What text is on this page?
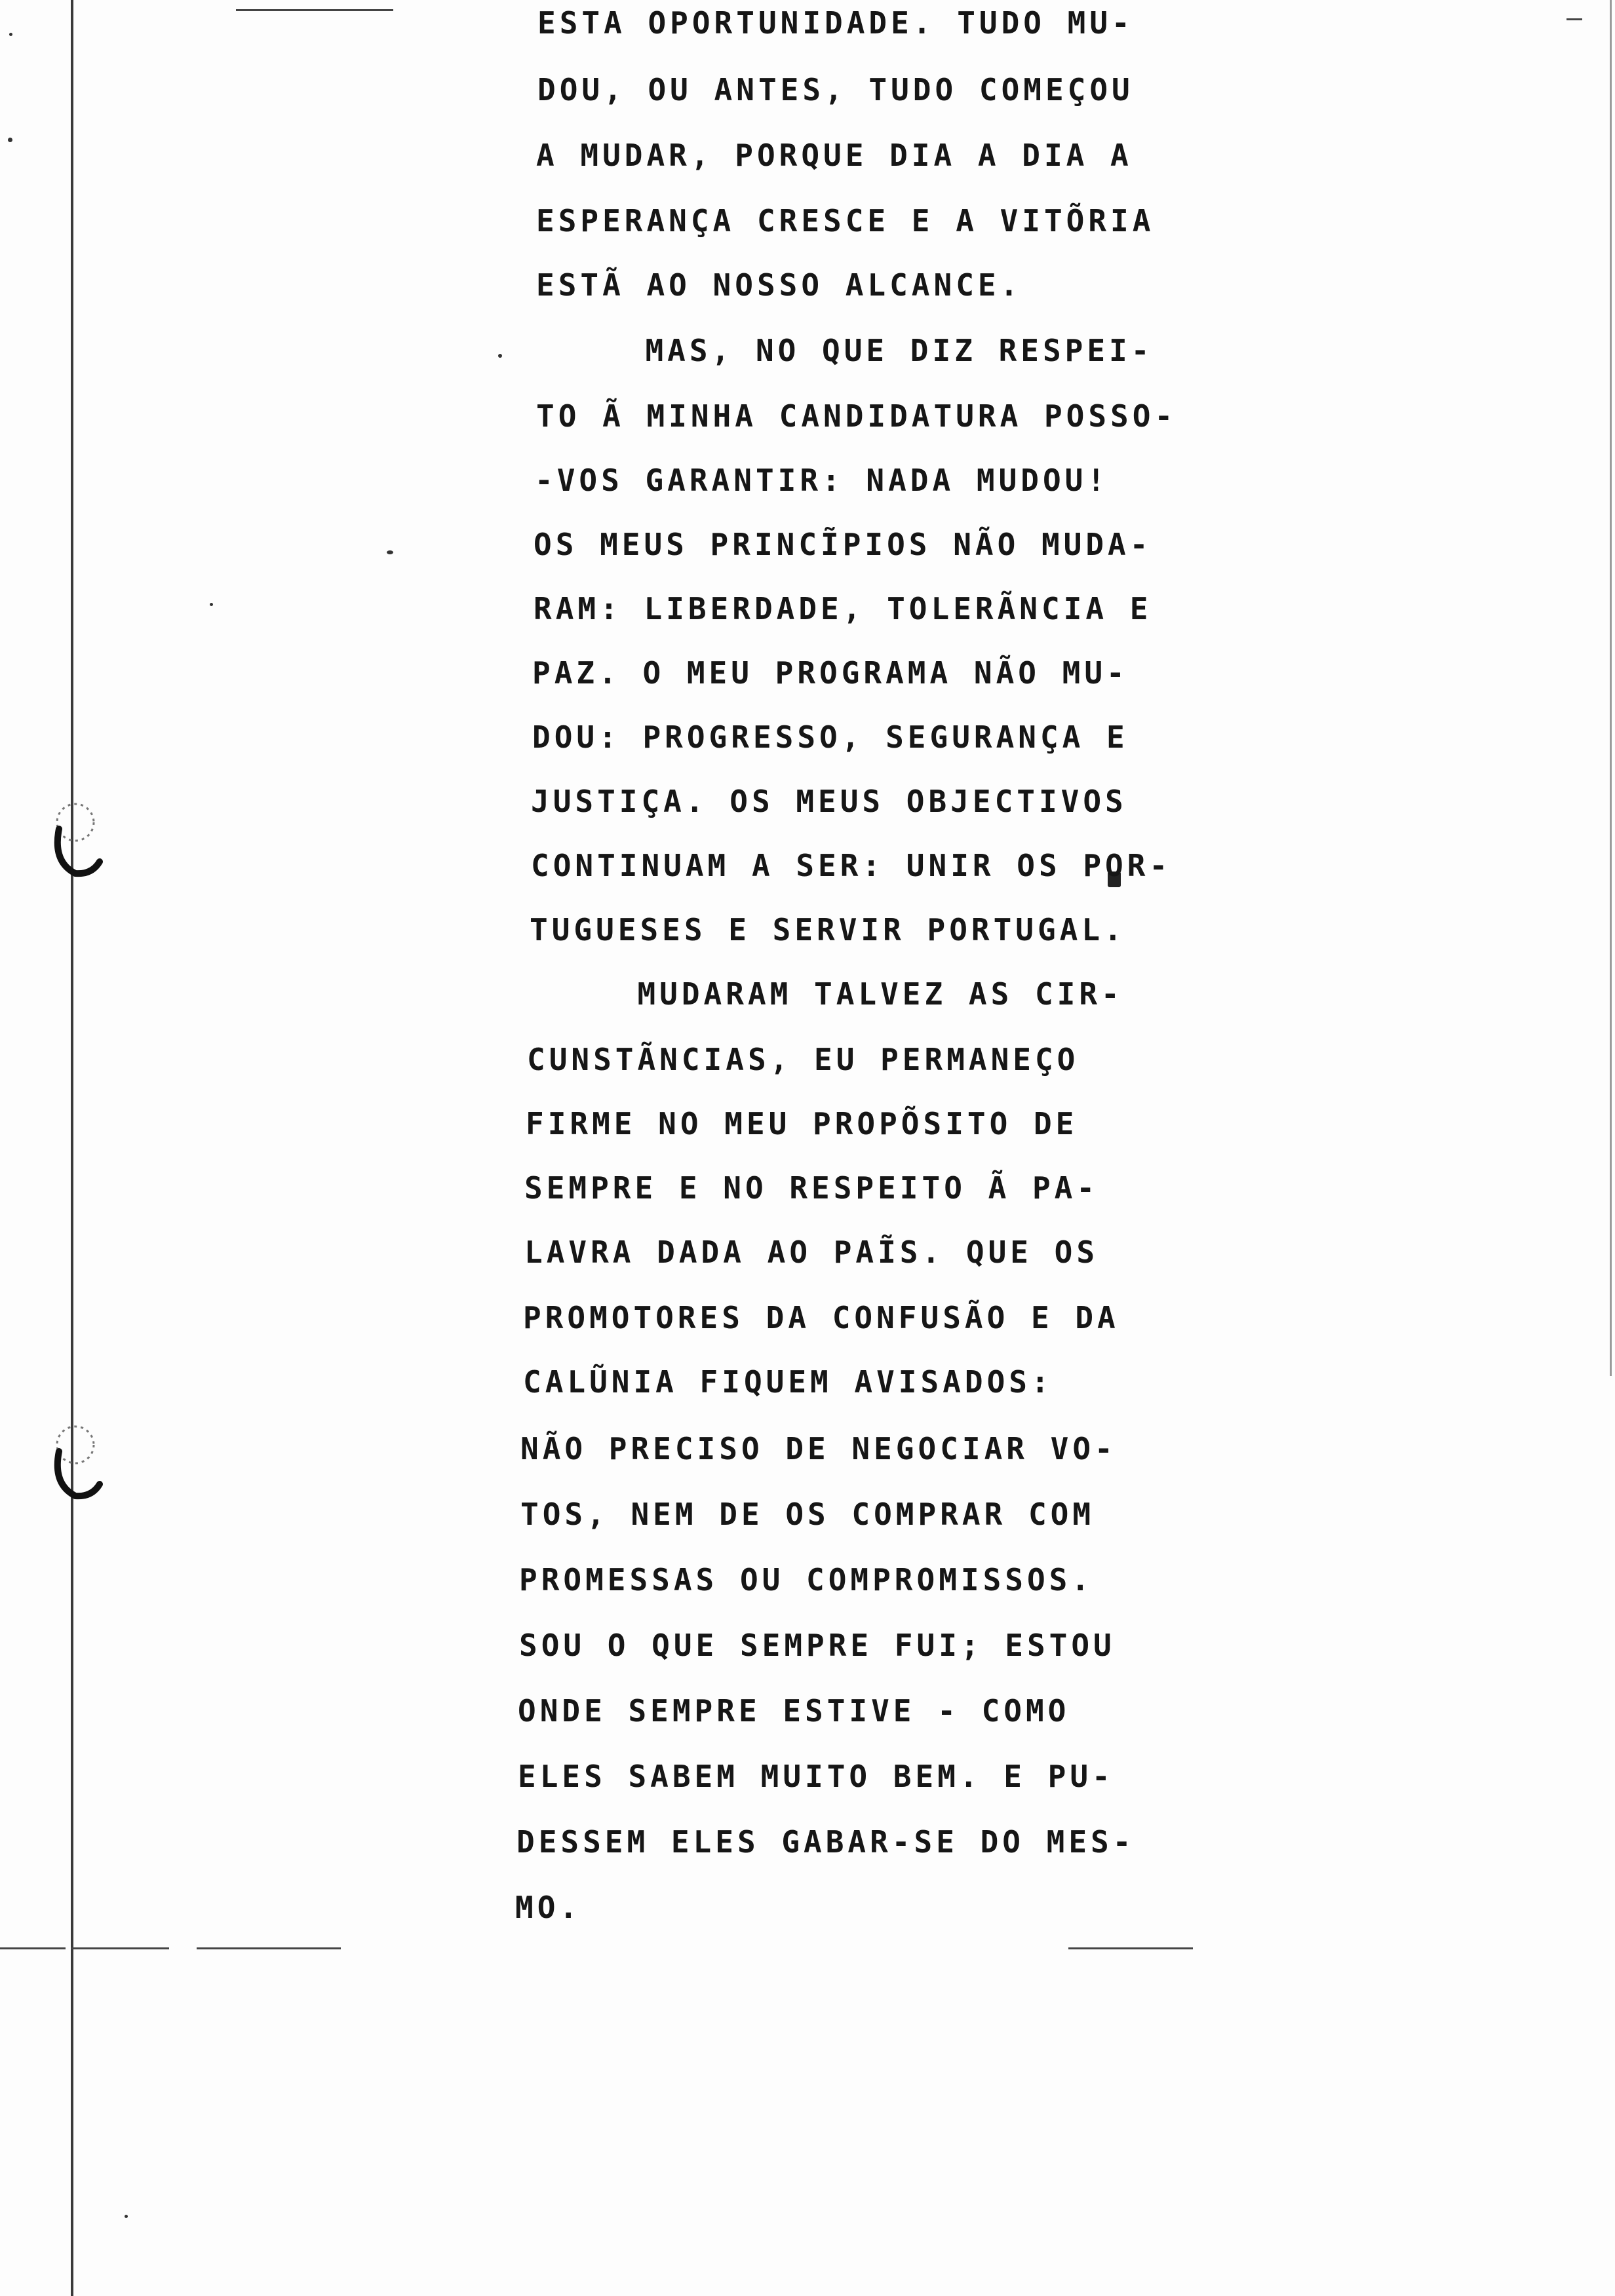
ESTA OPORTUNIDADE. TUDO MU-
DOU, OU ANTES, TUDO COMEÇOU
A MUDAR, PORQUE DIA A DIA A
ESPERANÇA CRESCE E A VITÕRIA
ESTÃ AO NOSSO ALCANCE.
MAS, NO QUE DIZ RESPEI-
TO Ã MINHA CANDIDATURA POSSO-
-VOS GARANTIR: NADA MUDOU!
OS MEUS PRINCĨPIOS NÃO MUDA-
RAM: LIBERDADE, TOLERÃNCIA E
PAZ. O MEU PROGRAMA NÃO MU-
DOU: PROGRESSO, SEGURANÇA E
JUSTIÇA. OS MEUS OBJECTIVOS
CONTINUAM A SER: UNIR OS POR-
TUGUESES E SERVIR PORTUGAL.
MUDARAM TALVEZ AS CIR-
CUNSTÃNCIAS, EU PERMANEÇO
FIRME NO MEU PROPÕSITO DE
SEMPRE E NO RESPEITO Ã PA-
LAVRA DADA AO PAĨS. QUE OS
PROMOTORES DA CONFUSÃO E DA
CALŨNIA FIQUEM AVISADOS:
NÃO PRECISO DE NEGOCIAR VO-
TOS, NEM DE OS COMPRAR COM
PROMESSAS OU COMPROMISSOS.
SOU O QUE SEMPRE FUI; ESTOU
ONDE SEMPRE ESTIVE - COMO
ELES SABEM MUITO BEM. E PU-
DESSEM ELES GABAR-SE DO MES-
MO.
